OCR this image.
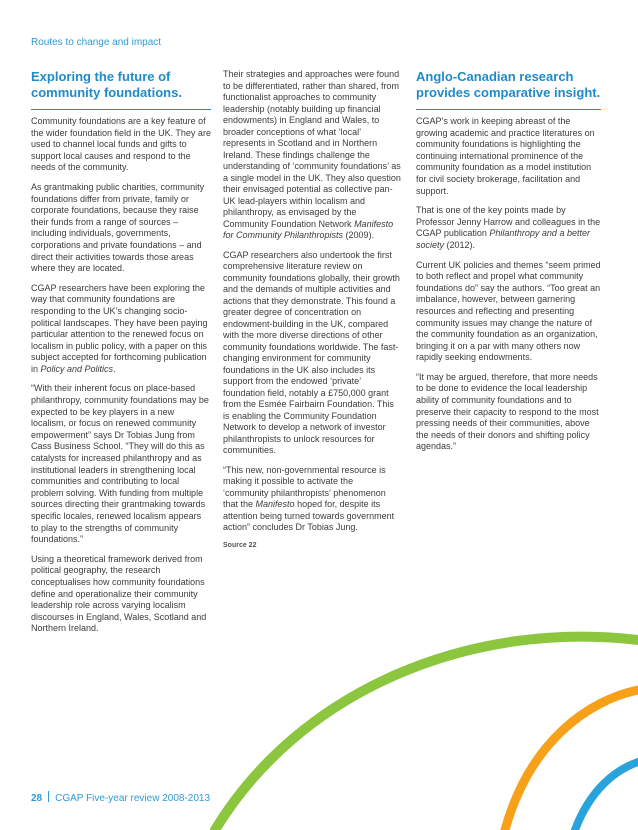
Routes to change and impact
Exploring the future of community foundations.

Community foundations are a key feature of the wider foundation field in the UK. They are used to channel local funds and gifts to support local causes and respond to the needs of the community.

As grantmaking public charities, community foundations differ from private, family or corporate foundations, because they raise their funds from a range of sources – including individuals, governments, corporations and private foundations – and direct their activities towards those areas where they are located.

CGAP researchers have been exploring the way that community foundations are responding to the UK’s changing socio-political landscapes. They have been paying particular attention to the renewed focus on localism in public policy, with a paper on this subject accepted for forthcoming publication in Policy and Politics.

“With their inherent focus on place-based philanthropy, community foundations may be expected to be key players in a new localism, or focus on renewed community empowerment” says Dr Tobias Jung from Cass Business School. “They will do this as catalysts for increased philanthropy and as institutional leaders in strengthening local communities and contributing to local problem solving. With funding from multiple sources directing their grantmaking towards specific locales, renewed localism appears to play to the strengths of community foundations.”

Using a theoretical framework derived from political geography, the research conceptualises how community foundations define and operationalize their community leadership role across varying localism discourses in England, Wales, Scotland and Northern Ireland.

Their strategies and approaches were found to be differentiated, rather than shared, from functionalist approaches to community leadership (notably building up financial endowments) in England and Wales, to broader conceptions of what ‘local’ represents in Scotland and in Northern Ireland. These findings challenge the understanding of ‘community foundations’ as a single model in the UK. They also question their envisaged potential as collective pan-UK lead-players within localism and philanthropy, as envisaged by the Community Foundation Network Manifesto for Community Philanthropists (2009).

CGAP researchers also undertook the first comprehensive literature review on community foundations globally, their growth and the demands of multiple activities and actions that they demonstrate. This found a greater degree of concentration on endowment-building in the UK, compared with the more diverse directions of other community foundations worldwide. The fast-changing environment for community foundations in the UK also includes its support from the endowed ‘private’ foundation field, notably a £750,000 grant from the Esmée Fairbairn Foundation. This is enabling the Community Foundation Network to develop a network of investor philanthropists to unlock resources for communities.

“This new, non-governmental resource is making it possible to activate the ‘community philanthropists’ phenomenon that the Manifesto hoped for, despite its attention being turned towards government action” concludes Dr Tobias Jung.

Source 22
Anglo-Canadian research provides comparative insight.

CGAP’s work in keeping abreast of the growing academic and practice literatures on community foundations is highlighting the continuing international prominence of the community foundation as a model institution for civil society brokerage, facilitation and support.

That is one of the key points made by Professor Jenny Harrow and colleagues in the CGAP publication Philanthropy and a better society (2012).

Current UK policies and themes “seem primed to both reflect and propel what community foundations do” say the authors. “Too great an imbalance, however, between garnering resources and reflecting and presenting community issues may change the nature of the community foundation as an organization, bringing it on a par with many others now rapidly seeking endowments.

“It may be argued, therefore, that more needs to be done to evidence the local leadership ability of community foundations and to preserve their capacity to respond to the most pressing needs of their communities, above the needs of their donors and shifting policy agendas.”

28 CGAP Five-year review 2008-2013
